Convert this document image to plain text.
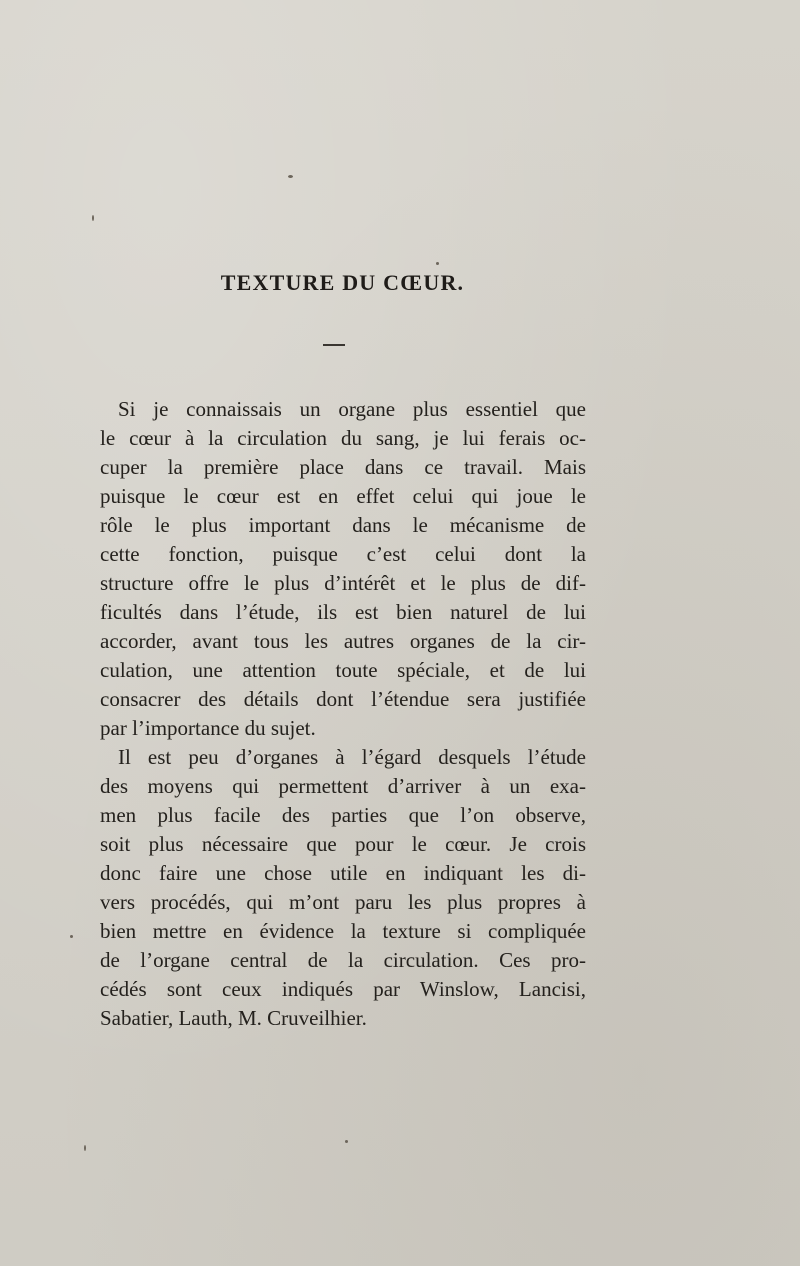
TEXTURE DU CŒUR.
Si je connaissais un organe plus essentiel que
le cœur à la circulation du sang, je lui ferais oc-
cuper la première place dans ce travail. Mais
puisque le cœur est en effet celui qui joue le
rôle le plus important dans le mécanisme de
cette fonction, puisque c’est celui dont la
structure offre le plus d’intérêt et le plus de dif-
ficultés dans l’étude, ils est bien naturel de lui
accorder, avant tous les autres organes de la cir-
culation, une attention toute spéciale, et de lui
consacrer des détails dont l’étendue sera justifiée
par l’importance du sujet.
Il est peu d’organes à l’égard desquels l’étude
des moyens qui permettent d’arriver à un exa-
men plus facile des parties que l’on observe,
soit plus nécessaire que pour le cœur. Je crois
donc faire une chose utile en indiquant les di-
vers procédés, qui m’ont paru les plus propres à
bien mettre en évidence la texture si compliquée
de l’organe central de la circulation. Ces pro-
cédés sont ceux indiqués par Winslow, Lancisi,
Sabatier, Lauth, M. Cruveilhier.
